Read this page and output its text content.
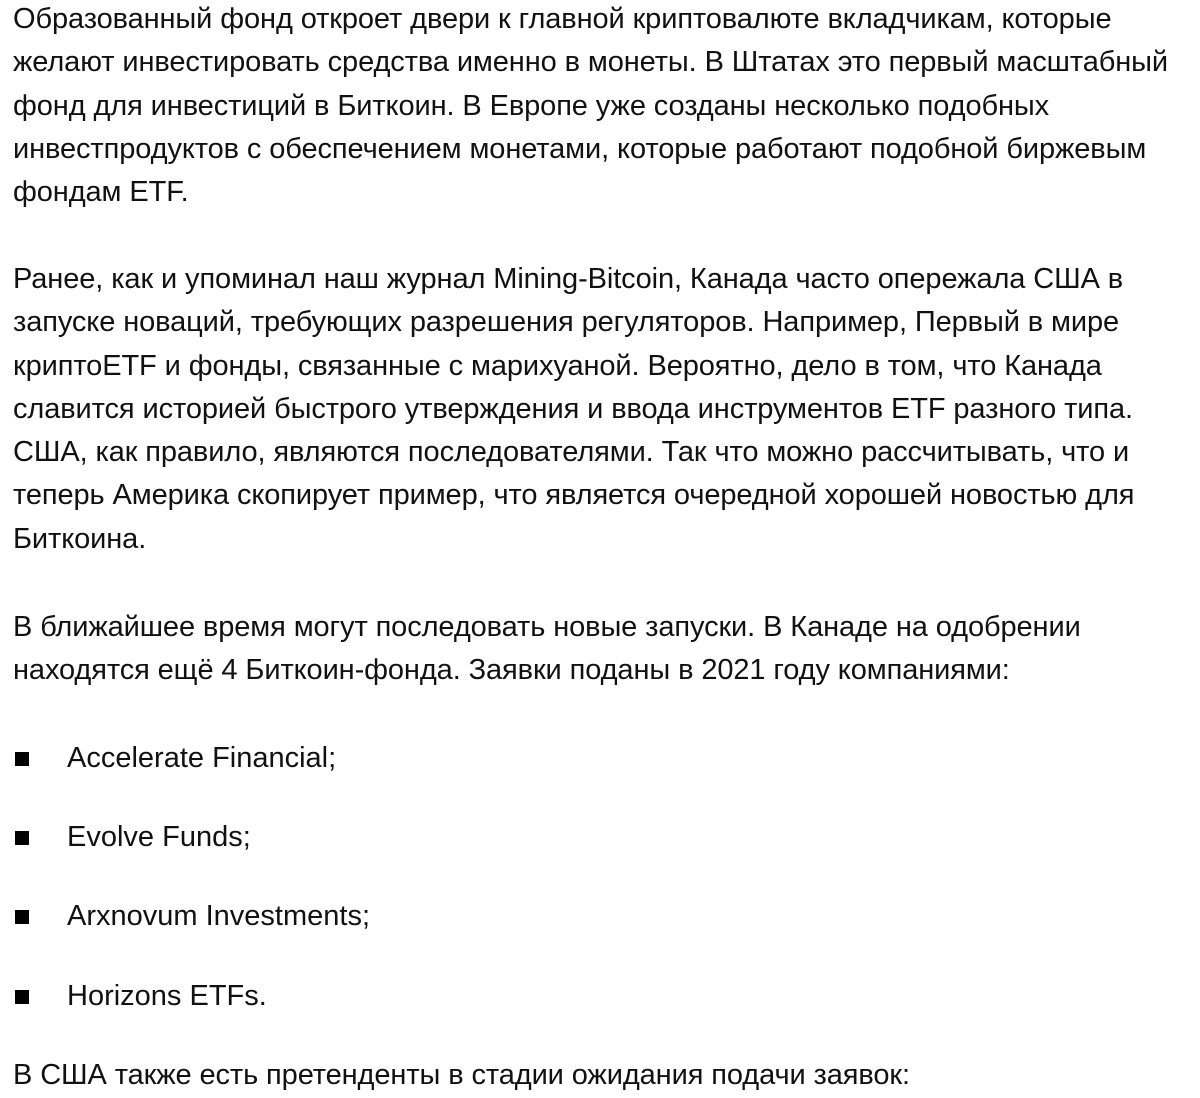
Образованный фонд откроет двери к главной криптовалюте вкладчикам, которые
желают инвестировать средства именно в монеты. В Штатах это первый масштабный
фонд для инвестиций в Биткоин. В Европе уже созданы несколько подобных
инвестпродуктов с обеспечением монетами, которые работают подобной биржевым
фондам ETF.

Ранее, как и упоминал наш журнал Mining-Bitcoin, Канада часто опережала США в
запуске новаций, требующих разрешения регуляторов. Например, Первый в мире
криптоETF и фонды, связанные с марихуаной. Вероятно, дело в том, что Канада
славится историей быстрого утверждения и ввода инструментов ETF разного типа.
США, как правило, являются последователями. Так что можно рассчитывать, что и
теперь Америка скопирует пример, что является очередной хорошей новостью для
Биткоина.

В ближайшее время могут последовать новые запуски. В Канаде на одобрении
находятся ещё 4 Биткоин-фонда. Заявки поданы в 2021 году компаниями:

Accelerate Financial;
Evolve Funds;
Arxnovum Investments;
Horizons ETFs.

В США также есть претенденты в стадии ожидания подачи заявок:
